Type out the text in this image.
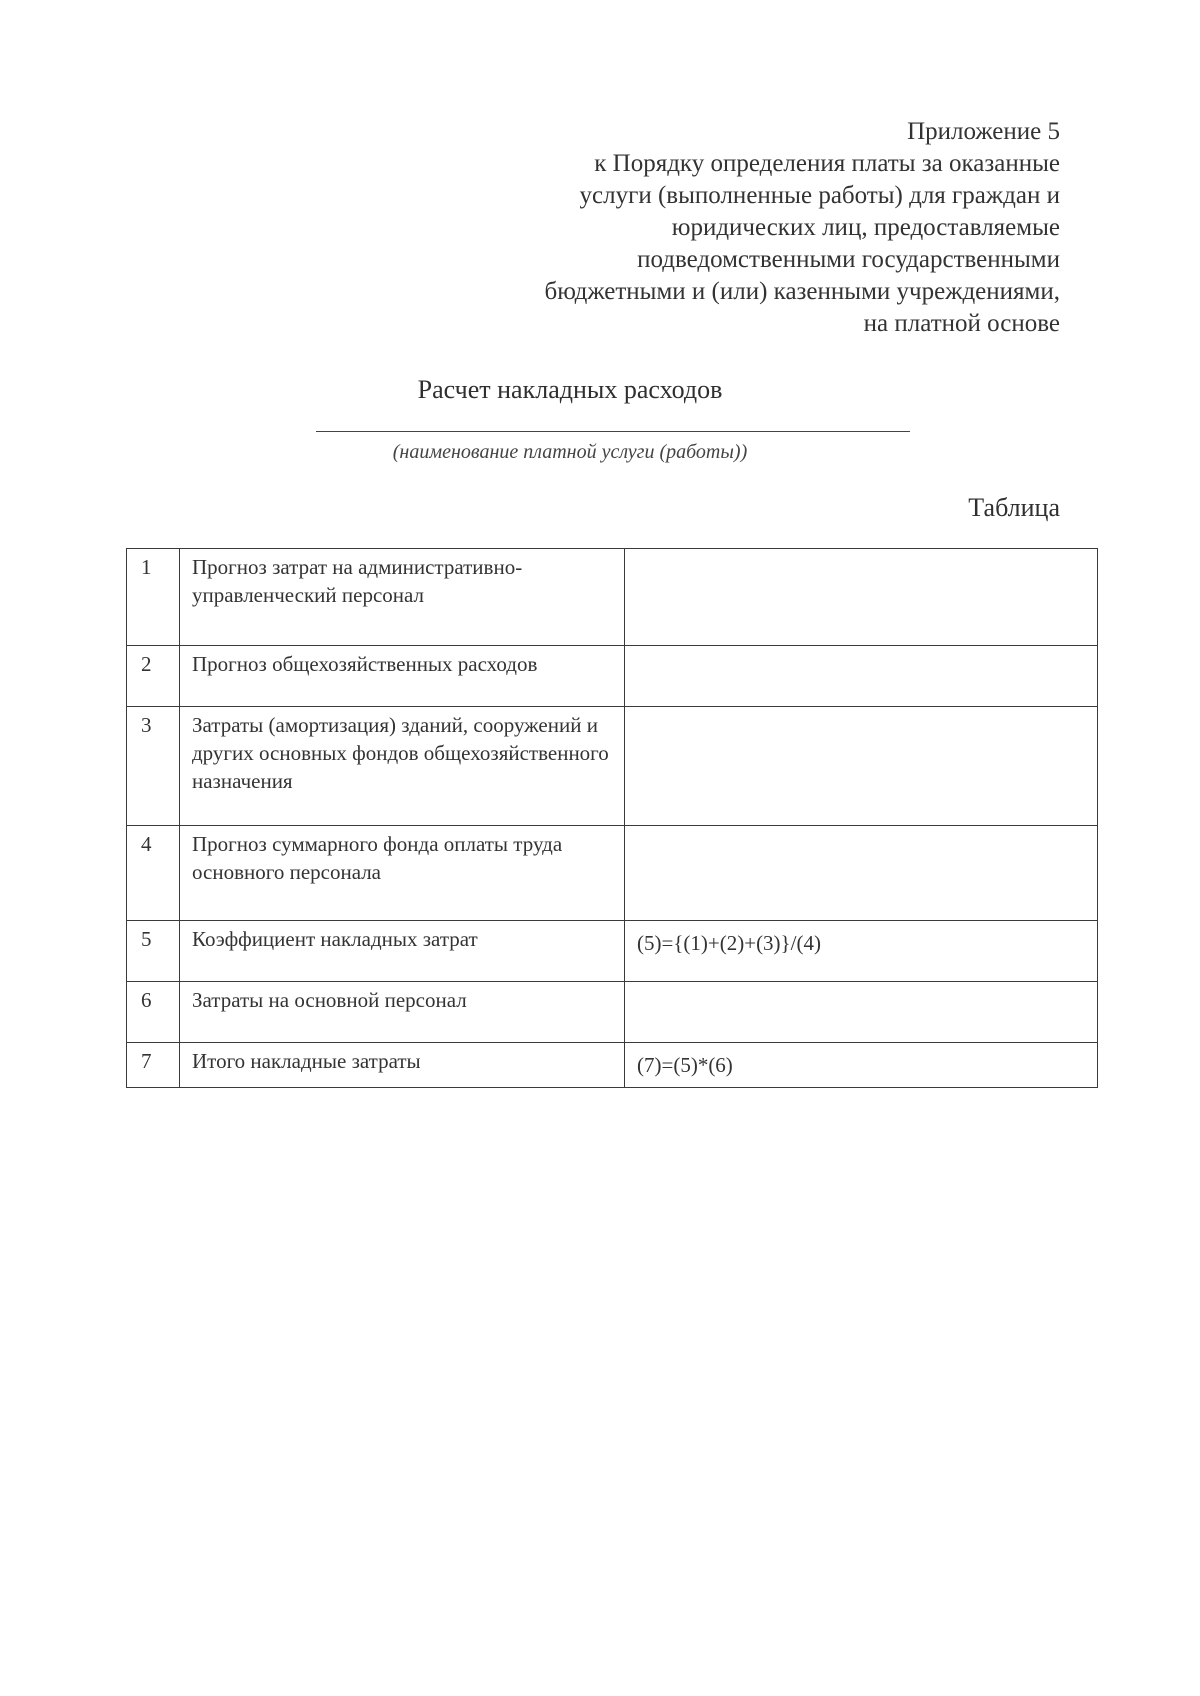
Приложение 5
к Порядку определения платы за оказанные
услуги (выполненные работы) для граждан и
юридических лиц, предоставляемые
подведомственными государственными
бюджетными и (или) казенными учреждениями,
на платной основе
Расчет накладных расходов
(наименование платной услуги (работы))
Таблица
1	Прогноз затрат на административно-управленческий персонал	
2	Прогноз общехозяйственных расходов	
3	Затраты (амортизация) зданий, сооружений и других основных фондов общехозяйственного назначения	
4	Прогноз суммарного фонда оплаты труда основного персонала	
5	Коэффициент накладных затрат	(5)={(1)+(2)+(3)}/(4)
6	Затраты на основной персонал	
7	Итого накладные затраты	(7)=(5)*(6)
